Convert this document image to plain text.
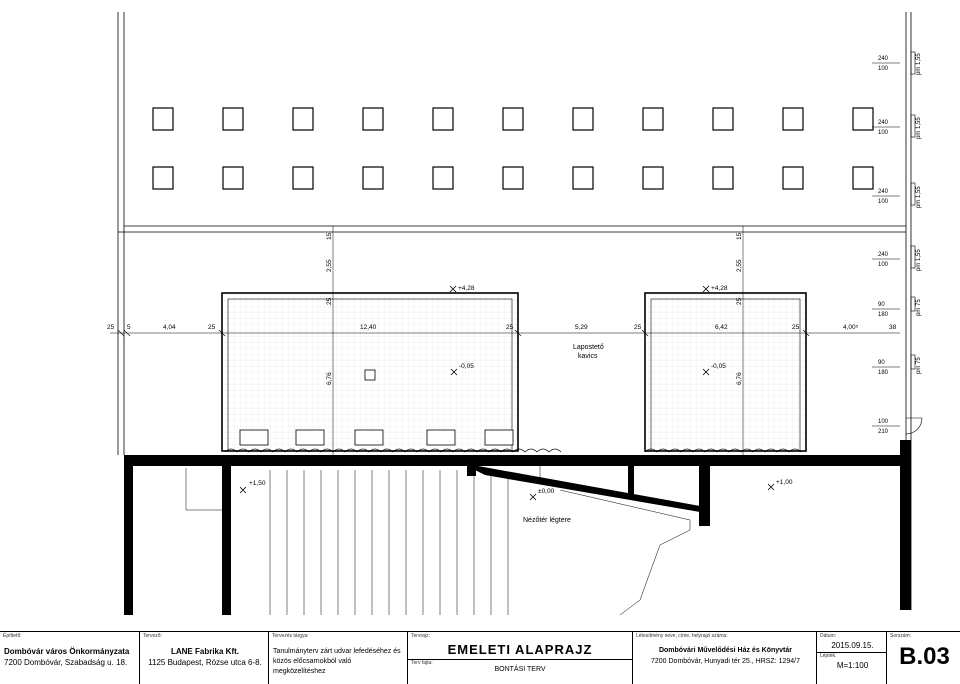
240
100	pm 1,55
240
100	pm 1,55
240
100	pm 1,55
240
100	pm 1,55
90
180	pm 75
90
180	pm 75
100
210
25 5	4,04	25	12,40	25	5,29	25	6,42	25	4,00⁵	38
15
2,55
25
6,76
15
2,55
25
6,76
+4,28	+4,28
-0,05	-0,05
+1,50
±0,00
+1,00
Lapostető
kavics
Nézőtér légtere
Építtető:
Dombóvár város Önkormányzata
7200 Dombóvár, Szabadság u. 18.
Tervező:
LANE Fabrika Kft.
1125 Budapest, Rózse utca 6-8.
Tervezés tárgya:
Tanulmányterv zárt udvar lefedéséhez és
közös előcsarnokból való megközelítéshez
Tervrajz:
EMELETI ALAPRAJZ
Terv fajta:
BONTÁSI TERV
Létesítmény neve, címe, helyrajzi száma:
Dombóvári Művelődési Ház és Könyvtár
7200 Dombóvár, Hunyadi tér 25., HRSZ: 1294/7
Dátum:
2015.09.15.
Lépték:
M=1:100
Sorszám:
B.03
